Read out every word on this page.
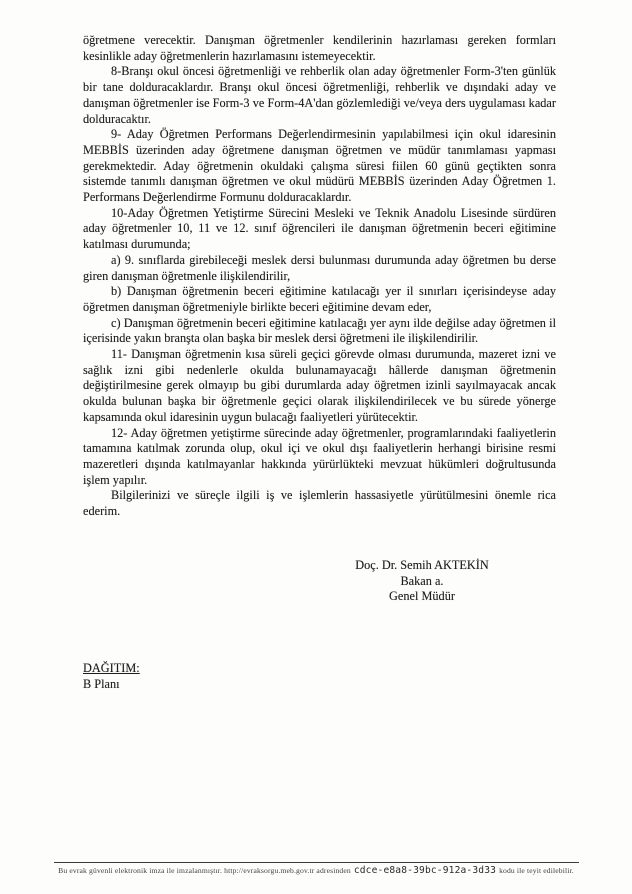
öğretmene verecektir. Danışman öğretmenler kendilerinin hazırlaması gereken formları kesinlikle aday öğretmenlerin hazırlamasını istemeyecektir.

8-Branşı okul öncesi öğretmenliği ve rehberlik olan aday öğretmenler Form-3'ten günlük bir tane dolduracaklardır. Branşı okul öncesi öğretmenliği, rehberlik ve dışındaki aday ve danışman öğretmenler ise Form-3 ve Form-4A'dan gözlemlediği ve/veya ders uygulaması kadar dolduracaktır.

9- Aday Öğretmen Performans Değerlendirmesinin yapılabilmesi için okul idaresinin MEBBİS üzerinden aday öğretmene danışman öğretmen ve müdür tanımlaması yapması gerekmektedir. Aday öğretmenin okuldaki çalışma süresi fiilen 60 günü geçtikten sonra sistemde tanımlı danışman öğretmen ve okul müdürü MEBBİS üzerinden Aday Öğretmen 1. Performans Değerlendirme Formunu dolduracaklardır.

10-Aday Öğretmen Yetiştirme Sürecini Mesleki ve Teknik Anadolu Lisesinde sürdüren aday öğretmenler 10, 11 ve 12. sınıf öğrencileri ile danışman öğretmenin beceri eğitimine katılması durumunda;

a) 9. sınıflarda girebileceği meslek dersi bulunması durumunda aday öğretmen bu derse giren danışman öğretmenle ilişkilendirilir,

b) Danışman öğretmenin beceri eğitimine katılacağı yer il sınırları içerisindeyse aday öğretmen danışman öğretmeniyle birlikte beceri eğitimine devam eder,

c) Danışman öğretmenin beceri eğitimine katılacağı yer aynı ilde değilse aday öğretmen il içerisinde yakın branşta olan başka bir meslek dersi öğretmeni ile ilişkilendirilir.

11- Danışman öğretmenin kısa süreli geçici görevde olması durumunda, mazeret izni ve sağlık izni gibi nedenlerle okulda bulunamayacağı hâllerde danışman öğretmenin değiştirilmesine gerek olmayıp bu gibi durumlarda aday öğretmen izinli sayılmayacak ancak okulda bulunan başka bir öğretmenle geçici olarak ilişkilendirilecek ve bu sürede yönerge kapsamında okul idaresinin uygun bulacağı faaliyetleri yürütecektir.

12- Aday öğretmen yetiştirme sürecinde aday öğretmenler, programlarındaki faaliyetlerin tamamına katılmak zorunda olup, okul içi ve okul dışı faaliyetlerin herhangi birisine resmi mazeretleri dışında katılmayanlar hakkında yürürlükteki mevzuat hükümleri doğrultusunda işlem yapılır.

Bilgilerinizi ve süreçle ilgili iş ve işlemlerin hassasiyetle yürütülmesini önemle rica ederim.

Doç. Dr. Semih AKTEKİN
Bakan a.
Genel Müdür
DAĞITIM:
B Planı
Bu evrak güvenli elektronik imza ile imzalanmıştır. http://evraksorgu.meb.gov.tr adresinden cdce-e8a8-39bc-912a-3d33 kodu ile teyit edilebilir.
